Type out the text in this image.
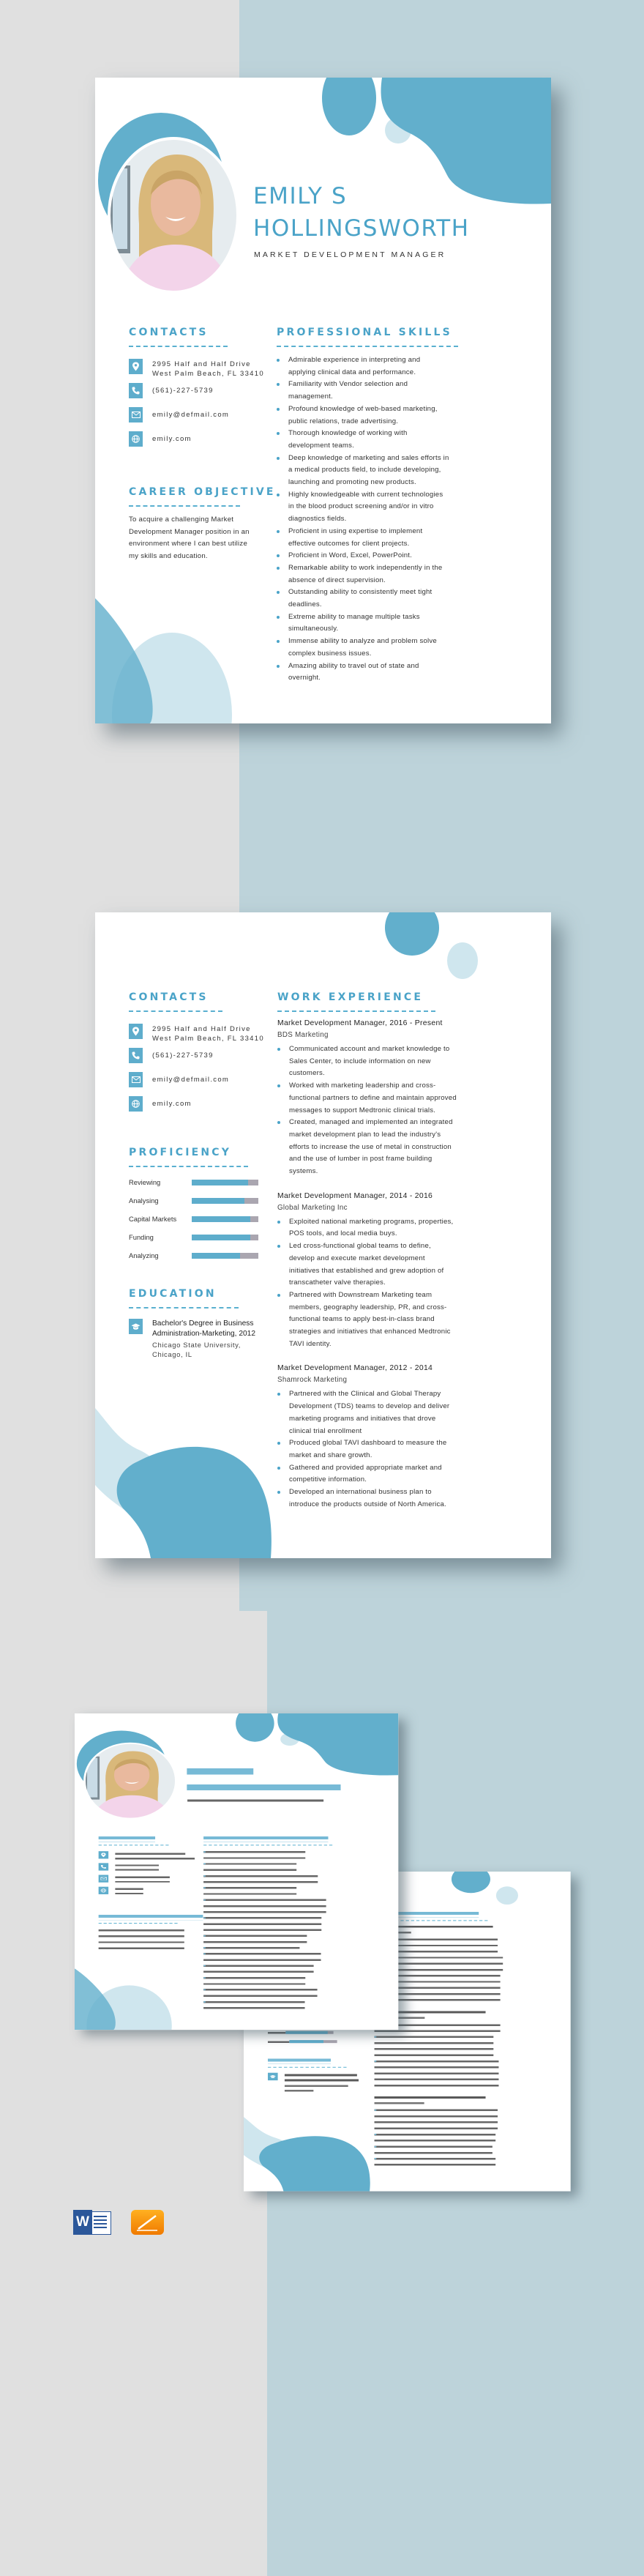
EMILY S
HOLLINGSWORTH
MARKET DEVELOPMENT MANAGER
CONTACTS
2995 Half and Half Drive
West Palm Beach, FL 33410
(561)-227-5739
emily@defmail.com
emily.com
CAREER OBJECTIVE
To acquire a challenging Market Development Manager position in an environment where I can best utilize my skills and education.
PROFESSIONAL SKILLS
Admirable experience in interpreting and applying clinical data and performance.
Familiarity with Vendor selection and management.
Profound knowledge of web-based marketing, public relations, trade advertising.
Thorough knowledge of working with development teams.
Deep knowledge of marketing and sales efforts in a medical products field, to include developing, launching and promoting new products.
Highly knowledgeable with current technologies in the blood product screening and/or in vitro diagnostics fields.
Proficient in using expertise to implement effective outcomes for client projects.
Proficient in Word, Excel, PowerPoint.
Remarkable ability to work independently in the absence of direct supervision.
Outstanding ability to consistently meet tight deadlines.
Extreme ability to manage multiple tasks simultaneously.
Immense ability to analyze and problem solve complex business issues.
Amazing ability to travel out of state and overnight.
CONTACTS
2995 Half and Half Drive
West Palm Beach, FL 33410
(561)-227-5739
emily@defmail.com
emily.com
PROFICIENCY
Reviewing
Analysing
Capital Markets
Funding
Analyzing
EDUCATION
Bachelor's Degree in Business
Administration-Marketing, 2012
Chicago State University,
Chicago, IL
WORK EXPERIENCE
Market Development Manager, 2016 - Present
BDS Marketing
Communicated account and market knowledge to Sales Center, to include information on new customers.
Worked with marketing leadership and cross-functional partners to define and maintain approved messages to support Medtronic clinical trials.
Created, managed and implemented an integrated market development plan to lead the industry's efforts to increase the use of metal in construction and the use of lumber in post frame building systems.
Market Development Manager, 2014 - 2016
Global Marketing Inc
Exploited national marketing programs, properties, POS tools, and local media buys.
Led cross-functional global teams to define, develop and execute market development initiatives that established and grew adoption of transcatheter valve therapies.
Partnered with Downstream Marketing team members, geography leadership, PR, and cross-functional teams to apply best-in-class brand strategies and initiatives that enhanced Medtronic TAVI identity.
Market Development Manager, 2012 - 2014
Shamrock Marketing
Partnered with the Clinical and Global Therapy Development (TDS) teams to develop and deliver marketing programs and initiatives that drove clinical trial enrollment
Produced global TAVI dashboard to measure the market and share growth.
Gathered and provided appropriate market and competitive information.
Developed an international business plan to introduce the products outside of North America.
W
